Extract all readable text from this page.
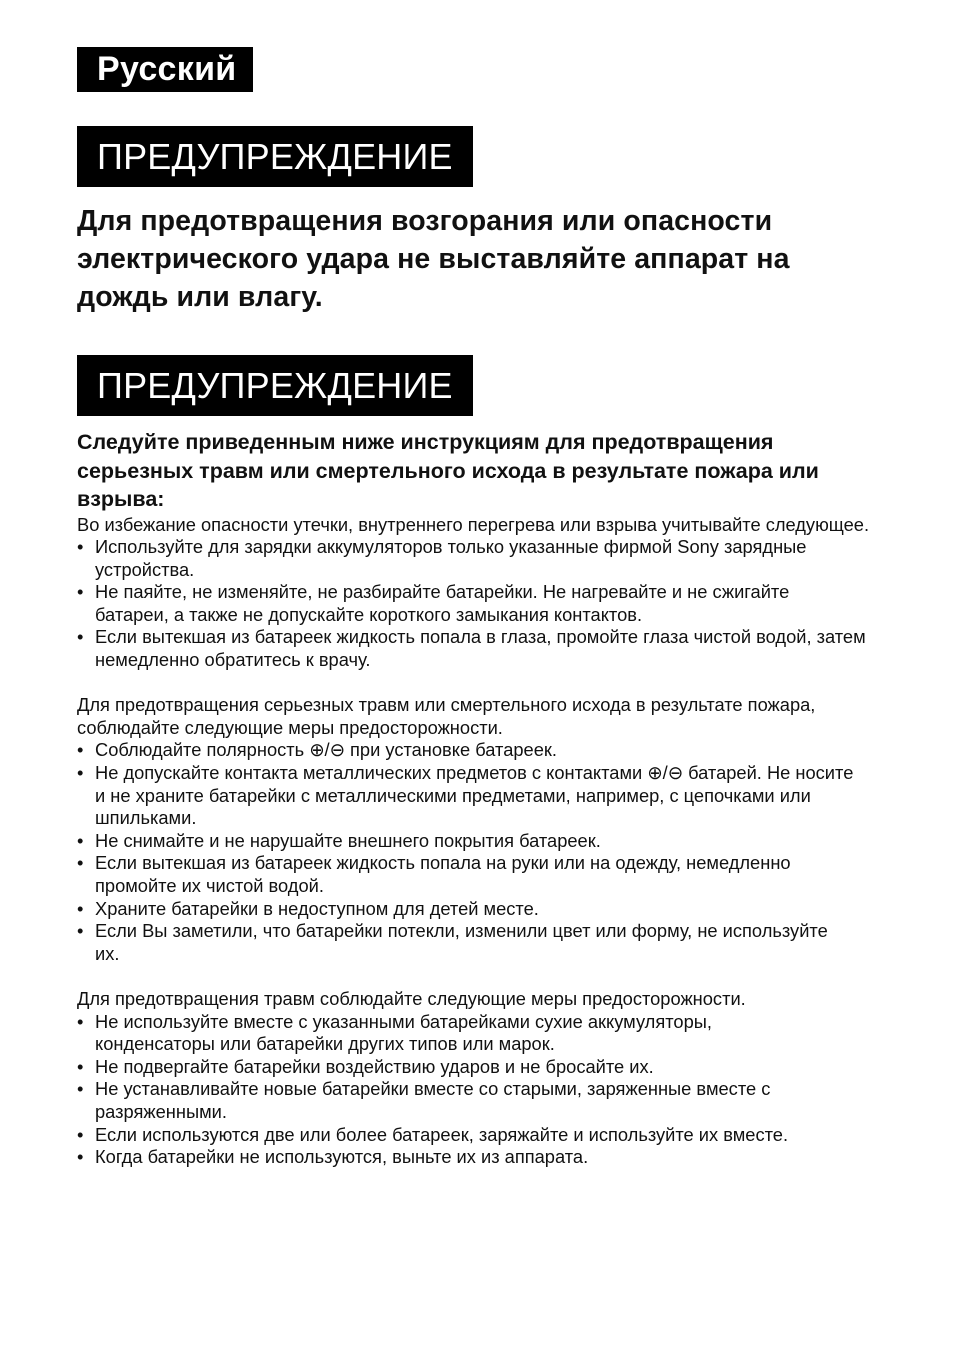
Русский
ПРЕДУПРЕЖДЕНИЕ

Для предотвращения возгорания или опасности электрического удара не выставляйте аппарат на дождь или влагу.

ПРЕДУПРЕЖДЕНИЕ

Следуйте приведенным ниже инструкциям для предотвращения серьезных травм или смертельного исхода в результате пожара или взрыва:

Во избежание опасности утечки, внутреннего перегрева или взрыва учитывайте следующее.

• Используйте для зарядки аккумуляторов только указанные фирмой Sony зарядные устройства.
• Не паяйте, не изменяйте, не разбирайте батарейки. Не нагревайте и не сжигайте батареи, а также не допускайте короткого замыкания контактов.
• Если вытекшая из батареек жидкость попала в глаза, промойте глаза чистой водой, затем немедленно обратитесь к врачу.

Для предотвращения серьезных травм или смертельного исхода в результате пожара, соблюдайте следующие меры предосторожности.

• Соблюдайте полярность ⊕/⊖ при установке батареек.
• Не допускайте контакта металлических предметов с контактами ⊕/⊖ батарей. Не носите и не храните батарейки с металлическими предметами, например, с цепочками или шпильками.
• Не снимайте и не нарушайте внешнего покрытия батареек.
• Если вытекшая из батареек жидкость попала на руки или на одежду, немедленно промойте их чистой водой.
• Храните батарейки в недоступном для детей месте.
• Если Вы заметили, что батарейки потекли, изменили цвет или форму, не используйте их.

Для предотвращения травм соблюдайте следующие меры предосторожности.

• Не используйте вместе с указанными батарейками сухие аккумуляторы, конденсаторы или батарейки других типов или марок.
• Не подвергайте батарейки воздействию ударов и не бросайте их.
• Не устанавливайте новые батарейки вместе со старыми, заряженные вместе с разряженными.
• Если используются две или более батареек, заряжайте и используйте их вместе.
• Когда батарейки не используются, выньте их из аппарата.
